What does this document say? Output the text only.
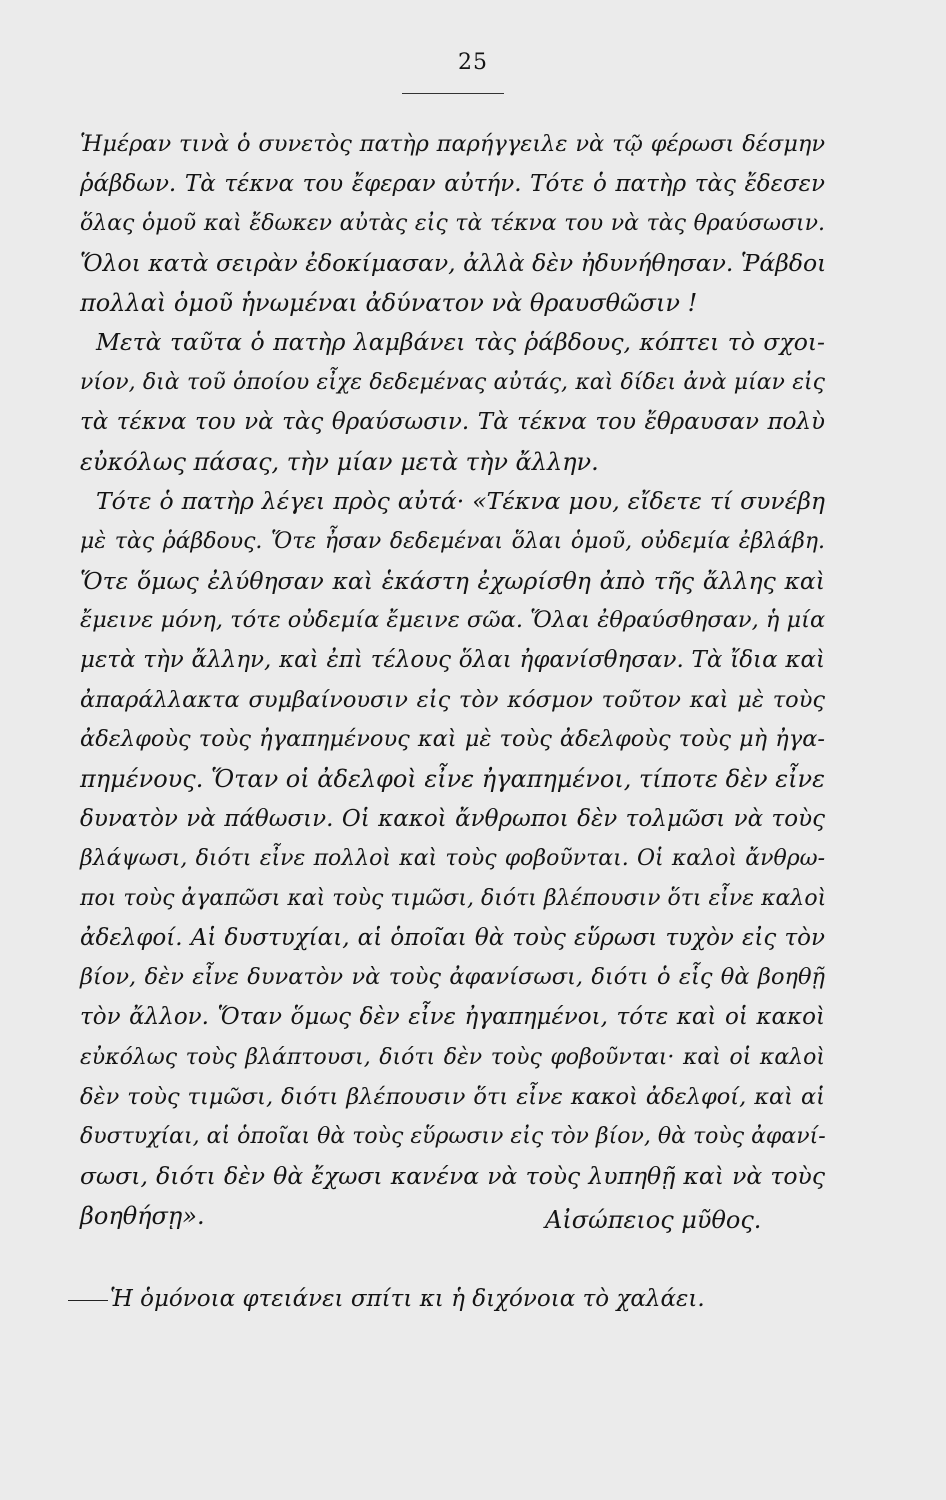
25
Ἡμέραν τινὰ ὁ συνετὸς πατὴρ παρήγγειλε νὰ τῷ φέρωσι δέσμην
ῥάβδων. Τὰ τέκνα του ἔφεραν αὐτήν. Τότε ὁ πατὴρ τὰς ἔδεσεν
ὅλας ὁμοῦ καὶ ἔδωκεν αὐτὰς εἰς τὰ τέκνα του νὰ τὰς θραύσωσιν.
Ὅλοι κατὰ σειρὰν ἐδοκίμασαν, ἀλλὰ δὲν ἠδυνήθησαν. Ῥάβδοι
πολλαὶ ὁμοῦ ἡνωμέναι ἀδύνατον νὰ θραυσθῶσιν !
Μετὰ ταῦτα ὁ πατὴρ λαμβάνει τὰς ῥάβδους, κόπτει τὸ σχοι-
νίον, διὰ τοῦ ὁποίου εἶχε δεδεμένας αὐτάς, καὶ δίδει ἀνὰ μίαν εἰς
τὰ τέκνα του νὰ τὰς θραύσωσιν. Τὰ τέκνα του ἔθραυσαν πολὺ
εὐκόλως πάσας, τὴν μίαν μετὰ τὴν ἄλλην.
Τότε ὁ πατὴρ λέγει πρὸς αὐτά· «Τέκνα μου, εἴδετε τί συνέβη
μὲ τὰς ῥάβδους. Ὅτε ἦσαν δεδεμέναι ὅλαι ὁμοῦ, οὐδεμία ἐβλάβη.
Ὅτε ὅμως ἐλύθησαν καὶ ἑκάστη ἐχωρίσθη ἀπὸ τῆς ἄλλης καὶ
ἔμεινε μόνη, τότε οὐδεμία ἔμεινε σῶα. Ὅλαι ἐθραύσθησαν, ἡ μία
μετὰ τὴν ἄλλην, καὶ ἐπὶ τέλους ὅλαι ἠφανίσθησαν. Τὰ ἴδια καὶ
ἀπαράλλακτα συμβαίνουσιν εἰς τὸν κόσμον τοῦτον καὶ μὲ τοὺς
ἀδελφοὺς τοὺς ἠγαπημένους καὶ μὲ τοὺς ἀδελφοὺς τοὺς μὴ ἠγα-
πημένους. Ὅταν οἱ ἀδελφοὶ εἶνε ἠγαπημένοι, τίποτε δὲν εἶνε
δυνατὸν νὰ πάθωσιν. Οἱ κακοὶ ἄνθρωποι δὲν τολμῶσι νὰ τοὺς
βλάψωσι, διότι εἶνε πολλοὶ καὶ τοὺς φοβοῦνται. Οἱ καλοὶ ἄνθρω-
ποι τοὺς ἀγαπῶσι καὶ τοὺς τιμῶσι, διότι βλέπουσιν ὅτι εἶνε καλοὶ
ἀδελφοί. Αἱ δυστυχίαι, αἱ ὁποῖαι θὰ τοὺς εὕρωσι τυχὸν εἰς τὸν
βίον, δὲν εἶνε δυνατὸν νὰ τοὺς ἀφανίσωσι, διότι ὁ εἷς θὰ βοηθῇ
τὸν ἄλλον. Ὅταν ὅμως δὲν εἶνε ἠγαπημένοι, τότε καὶ οἱ κακοὶ
εὐκόλως τοὺς βλάπτουσι, διότι δὲν τοὺς φοβοῦνται· καὶ οἱ καλοὶ
δὲν τοὺς τιμῶσι, διότι βλέπουσιν ὅτι εἶνε κακοὶ ἀδελφοί, καὶ αἱ
δυστυχίαι, αἱ ὁποῖαι θὰ τοὺς εὕρωσιν εἰς τὸν βίον, θὰ τοὺς ἀφανί-
σωσι, διότι δὲν θὰ ἔχωσι κανένα νὰ τοὺς λυπηθῇ καὶ νὰ τοὺς
βοηθήσῃ».	Αἰσώπειος μῦθος.
Ἡ ὁμόνοια φτειάνει σπίτι κι ἡ διχόνοια τὸ χαλάει.
